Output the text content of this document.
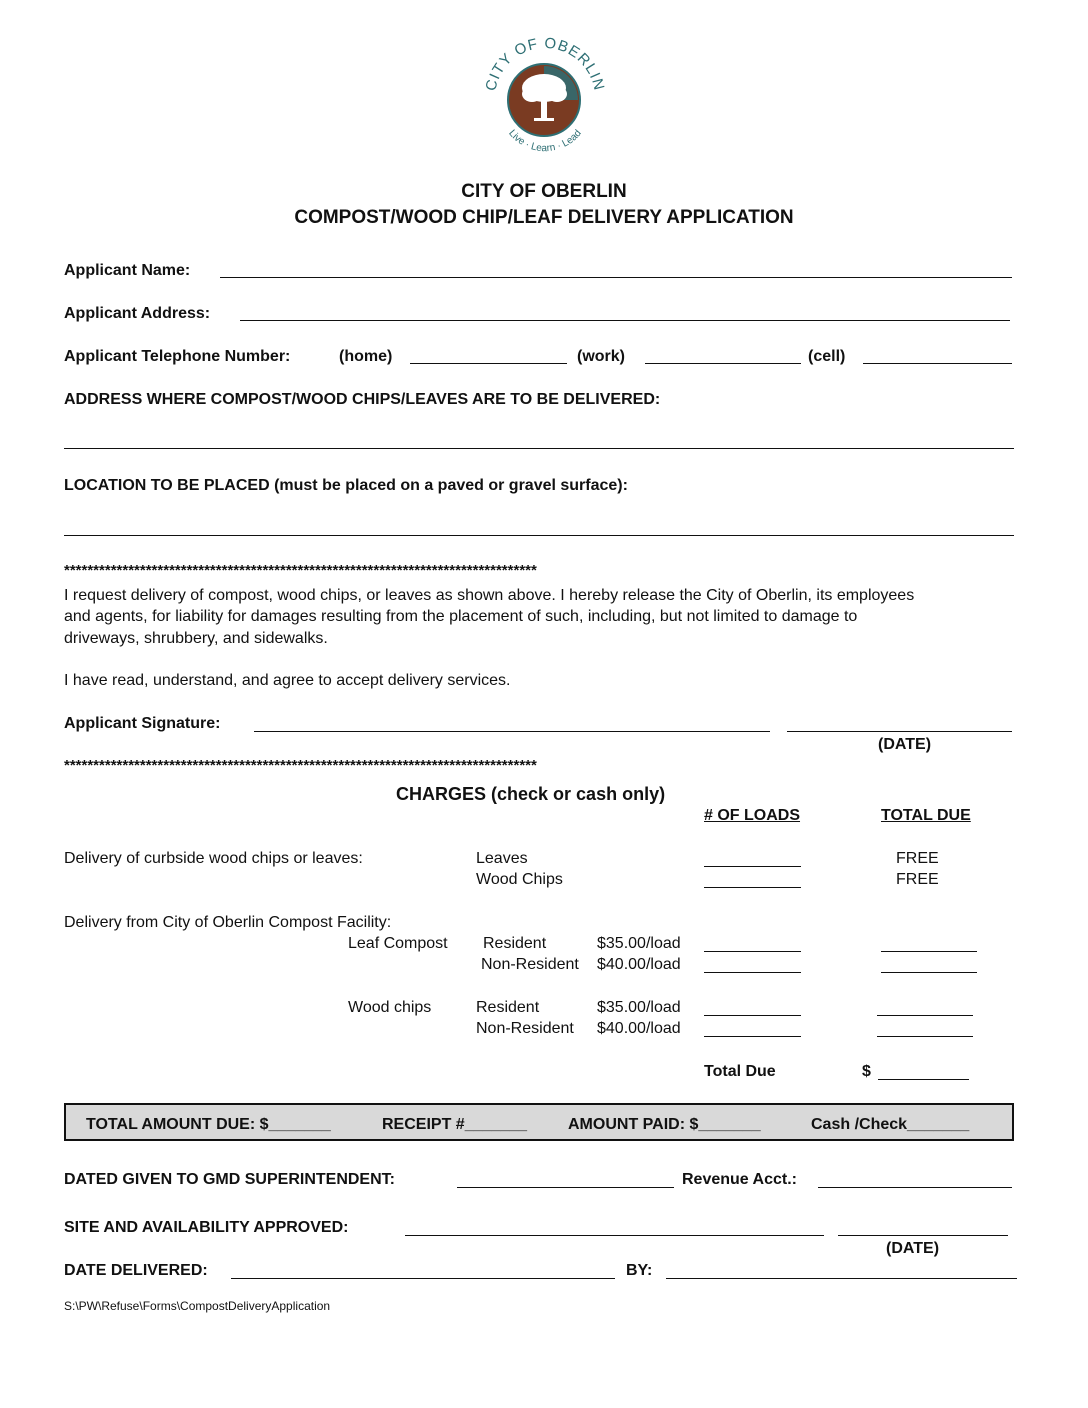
CITY OF OBERLIN
Live · Learn · Lead
CITY OF OBERLIN
COMPOST/WOOD CHIP/LEAF DELIVERY APPLICATION
Applicant Name:
Applicant Address:
Applicant Telephone Number:	(home)	(work)	(cell)
ADDRESS WHERE COMPOST/WOOD CHIPS/LEAVES ARE TO BE DELIVERED:
LOCATION TO BE PLACED (must be placed on a paved or gravel surface):
*********************************************************************************
I request delivery of compost, wood chips, or leaves as shown above. I hereby release the City of Oberlin, its employees
and agents, for liability for damages resulting from the placement of such, including, but not limited to damage to
driveways, shrubbery, and sidewalks.
I have read, understand, and agree to accept delivery services.
Applicant Signature:
(DATE)
*********************************************************************************
CHARGES (check or cash only)
# OF LOADS	TOTAL DUE
Delivery of curbside wood chips or leaves:	Leaves	FREE
Wood Chips	FREE
Delivery from City of Oberlin Compost Facility:
Leaf Compost Resident	$35.00/load
Non-Resident $40.00/load
Wood chips	Resident	$35.00/load
Non-Resident $40.00/load
Total Due	$
TOTAL AMOUNT DUE: $_______	RECEIPT #_______	AMOUNT PAID: $_______	Cash /Check_______
DATED GIVEN TO GMD SUPERINTENDENT:	Revenue Acct.:
SITE AND AVAILABILITY APPROVED:
(DATE)
DATE DELIVERED:	BY:
S:\PW\Refuse\Forms\CompostDeliveryApplication
